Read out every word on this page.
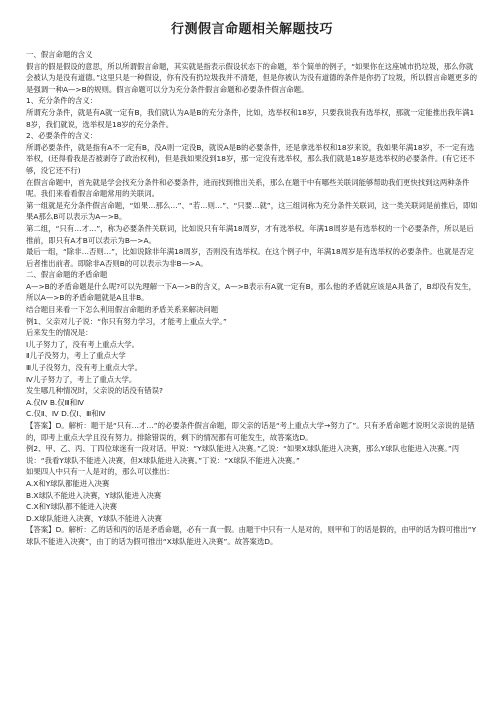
行测假言命题相关解题技巧

一、假言命题的含义

假言的假是假设的意思，所以所谓假言命题，其实就是指表示假设状态下的命题，举个简单的例子，“如果你在这座城市扔垃圾，那么你就会被认为是没有道德。”这里只是一种假设，你有没有扔垃圾我并不清楚，但是你被认为没有道德的条件是你扔了垃圾，所以假言命题更多的是强调一种A—>B的规则。假言命题可以分为充分条件假言命题和必要条件假言命题。

1、充分条件的含义：

所谓充分条件，就是有A就一定有B，我们就认为A是B的充分条件，比如，选举权和18岁，只要我说我有选举权，那就一定能推出我年满18岁，我们就说，选举权是18岁的充分条件。

2、必要条件的含义：

所谓必要条件，就是指有A不一定有B，没A则一定没B，就说A是B的必要条件，还是拿选举权和18岁来说，我如果年满18岁，不一定有选举权，(还得看我是否被剥夺了政治权利)，但是我如果没到18岁，那一定没有选举权，那么我们就是18岁是选举权的必要条件。(有它还不够，没它还不行)

在假言命题中，首先就是学会找充分条件和必要条件，进而找到推出关系，那么在题干中有哪些关联词能够帮助我们更快找到这两种条件呢。我们来看看假言命题常用的关联词。

第一组就是充分条件假言命题，“如果…那么…”、“若…则…”、“只要…就”，这三组词称为充分条件关联词，这一类关联词是前推后，即如果A那么B可以表示为A—>B。

第二组，“只有…才…”，称为必要条件关联词，比如说只有年满18周岁，才有选举权。年满18周岁是有选举权的一个必要条件，所以是后推前，即只有A才B可以表示为B—>A。

最后一组，“除非…否则…”，比如说除非年满18周岁，否则没有选举权。在这个例子中，年满18周岁是有选举权的必要条件。也就是否定后者推出前者。即除非A否则B的可以表示为非B—>A。

二、假言命题的矛盾命题

A—>B的矛盾命题是什么呢?可以先理解一下A—>B的含义，A—>B表示有A就一定有B，那么他的矛盾就应该是A具备了，B却没有发生，所以A—>B的矛盾命题就是A且非B。

结合题目来看一下怎么利用假言命题的矛盾关系来解决问题

例1、父亲对儿子说：“你只有努力学习，才能考上重点大学。”

后来发生的情况是：

Ⅰ儿子努力了，没有考上重点大学。

Ⅱ儿子没努力，考上了重点大学

Ⅲ儿子没努力，没有考上重点大学。

Ⅳ儿子努力了，考上了重点大学。

发生哪几种情况时，父亲说的话没有错误?

A.仅Ⅳ B.仅Ⅲ和Ⅳ

C.仅Ⅱ、Ⅳ D.仅Ⅰ、Ⅲ和Ⅳ

【答案】D。解析：题干是“只有…才…”的必要条件假言命题，即父亲的话是“考上重点大学→努力了”。只有矛盾命题才说明父亲说的是错的，即考上重点大学且没有努力。排除错误的，剩下的情况都有可能发生，故答案选D。

例2、甲、乙、丙、丁四位球迷有一段对话。甲说：“Y球队能进入决赛。”乙说：“如果X球队能进入决赛，那么Y球队也能进入决赛。”丙说：“我看Y球队不能进入决赛，但X球队能进入决赛。”丁说：“X球队不能进入决赛。”

如果四人中只有一人是对的，那么可以推出：

A.X和Y球队都能进入决赛

B.X球队不能进入决赛，Y球队能进入决赛

C.X和Y球队都不能进入决赛

D.X球队能进入决赛，Y球队不能进入决赛

【答案】D。解析：乙的话和丙的话是矛盾命题，必有一真一假。由题干中只有一人是对的，则甲和丁的话是假的，由甲的话为假可推出“Y球队不能进入决赛”，由丁的话为假可推出“X球队能进入决赛”。故答案选D。
